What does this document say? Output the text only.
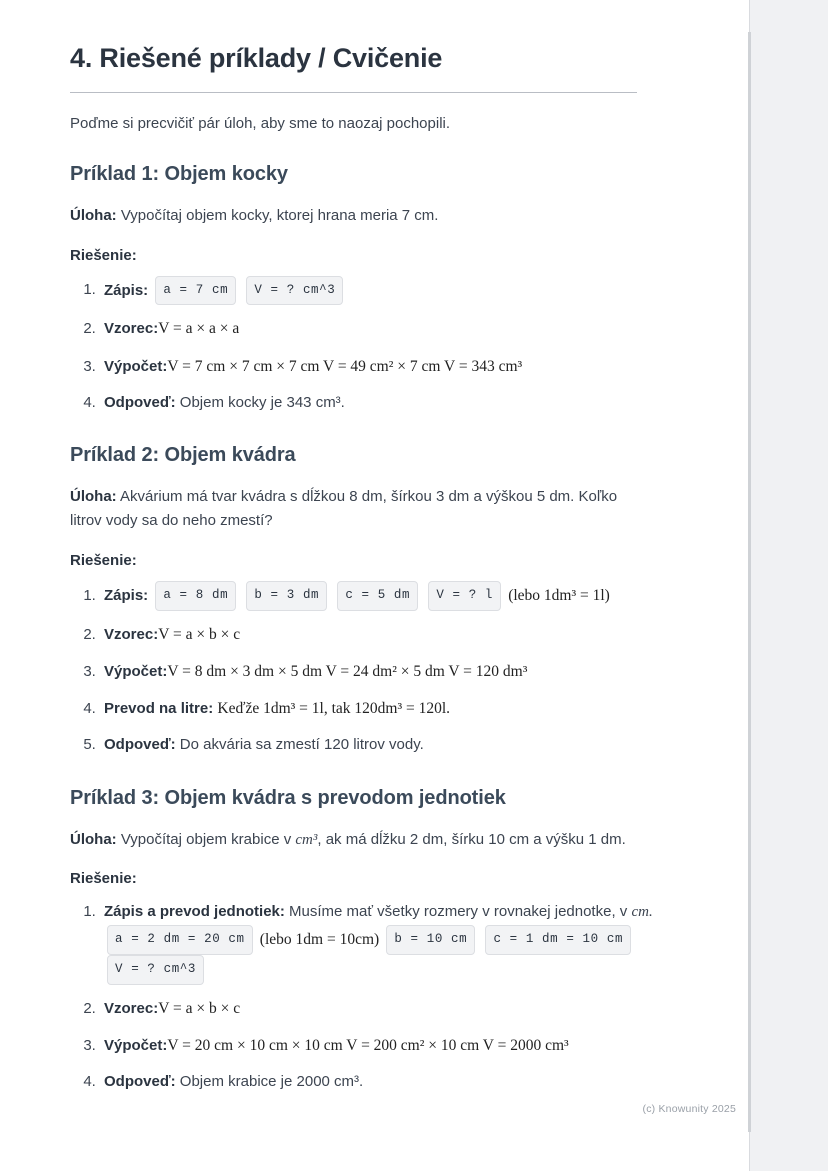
4. Riešené príklady / Cvičenie

Poďme si precvičiť pár úloh, aby sme to naozaj pochopili.

Príklad 1: Objem kocky

Úloha: Vypočítaj objem kocky, ktorej hrana meria 7 cm.

Riešenie:
1. Zápis: a = 7 cm V = ? cm^3
2. Vzorec:V = a × a × a
3. Výpočet:V = 7 cm × 7 cm × 7 cm V = 49 cm² × 7 cm V = 343 cm³
4. Odpoveď: Objem kocky je 343 cm³.
Príklad 2: Objem kvádra

Úloha: Akvárium má tvar kvádra s dĺžkou 8 dm, šírkou 3 dm a výškou 5 dm. Koľko litrov vody sa do neho zmestí?

Riešenie:
1. Zápis: a = 8 dm b = 3 dm c = 5 dm V = ? l (lebo 1dm³ = 1l)
2. Vzorec:V = a × b × c
3. Výpočet:V = 8 dm × 3 dm × 5 dm V = 24 dm² × 5 dm V = 120 dm³
4. Prevod na litre: Keďže 1dm³ = 1l, tak 120dm³ = 120l.
5. Odpoveď: Do akvária sa zmestí 120 litrov vody.
Príklad 3: Objem kvádra s prevodom jednotiek

Úloha: Vypočítaj objem krabice v cm³, ak má dĺžku 2 dm, šírku 10 cm a výšku 1 dm.

Riešenie:
1. Zápis a prevod jednotiek: Musíme mať všetky rozmery v rovnakej jednotke, v cm. a = 2 dm = 20 cm (lebo 1dm = 10cm) b = 10 cm c = 1 dm = 10 cm V = ? cm^3
2. Vzorec:V = a × b × c
3. Výpočet:V = 20 cm × 10 cm × 10 cm V = 200 cm² × 10 cm V = 2000 cm³
4. Odpoveď: Objem krabice je 2000 cm³.
(c) Knowunity 2025
